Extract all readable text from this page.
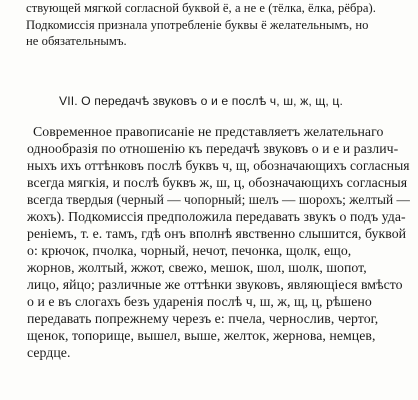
ствующей мягкой согласной буквой ё, а не е (тёлка, ёлка, рёбра).
Подкомиссія признала употребленіе буквы ё желательнымъ, но
не обязательнымъ.
VII. О передачѣ звуковъ о и е послѣ ч, ш, ж, щ, ц.
Современное правописаніе не представляетъ желательнаго
однообразія по отношенію къ передачѣ звуковъ о и е и различ-
ныхъ ихъ оттѣнковъ послѣ буквъ ч, щ, обозначающихъ согласныя
всегда мягкія, и послѣ буквъ ж, ш, ц, обозначающихъ согласныя
всегда твердыя (черный — чопорный; шелъ — шорохъ; желтый —
жохъ). Подкомиссія предположила передавать звукъ о подъ уда-
реніемъ, т. е. тамъ, гдѣ онъ вполнѣ явственно слышится, буквой
о: крючок, пчолка, чорный, нечот, печонка, щолк, ещо,
жорнов, жолтый, жжот, свежо, мешок, шол, шолк, шопот,
лицо, яйцо; различные же оттѣнки звуковъ, являющіеся вмѣсто
о и е въ слогахъ безъ ударенія послѣ ч, ш, ж, щ, ц, рѣшено
передавать попрежнему черезъ е: пчела, чернослив, чертог,
щенок, топорище, вышел, выше, желток, жернова, немцев,
сердце.
